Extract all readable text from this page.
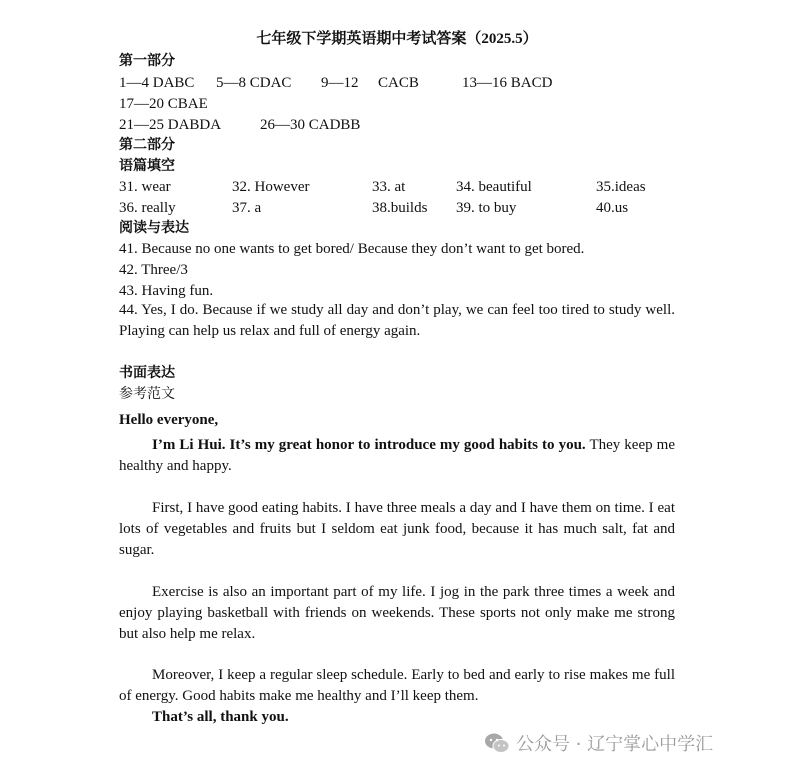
七年级下学期英语期中考试答案（2025.5）
第一部分
1—4 DABC 5—8 CDAC 9—12 CACB	13—16 BACD
17—20 CBAE
21—25 DABDA	26—30 CADBB
第二部分
语篇填空
31. wear	32. However	33. at	34. beautiful	35.ideas
36. really	37. a	38.builds 39. to buy	40.us
阅读与表达
41. Because no one wants to get bored/ Because they don’t want to get bored.
42. Three/3
43. Having fun.
44. Yes, I do. Because if we study all day and don’t play, we can feel too tired to study well. Playing can help us relax and full of energy again.
书面表达
参考范文
Hello everyone,
I’m Li Hui. It’s my great honor to introduce my good habits to you. They keep me healthy and happy.
First, I have good eating habits. I have three meals a day and I have them on time. I eat lots of vegetables and fruits but I seldom eat junk food, because it has much salt, fat and sugar.
Exercise is also an important part of my life. I jog in the park three times a week and enjoy playing basketball with friends on weekends. These sports not only make me strong but also help me relax.
Moreover, I keep a regular sleep schedule. Early to bed and early to rise makes me full of energy. Good habits make me healthy and I’ll keep them.
That’s all, thank you.
公众号 · 辽宁掌心中学汇
